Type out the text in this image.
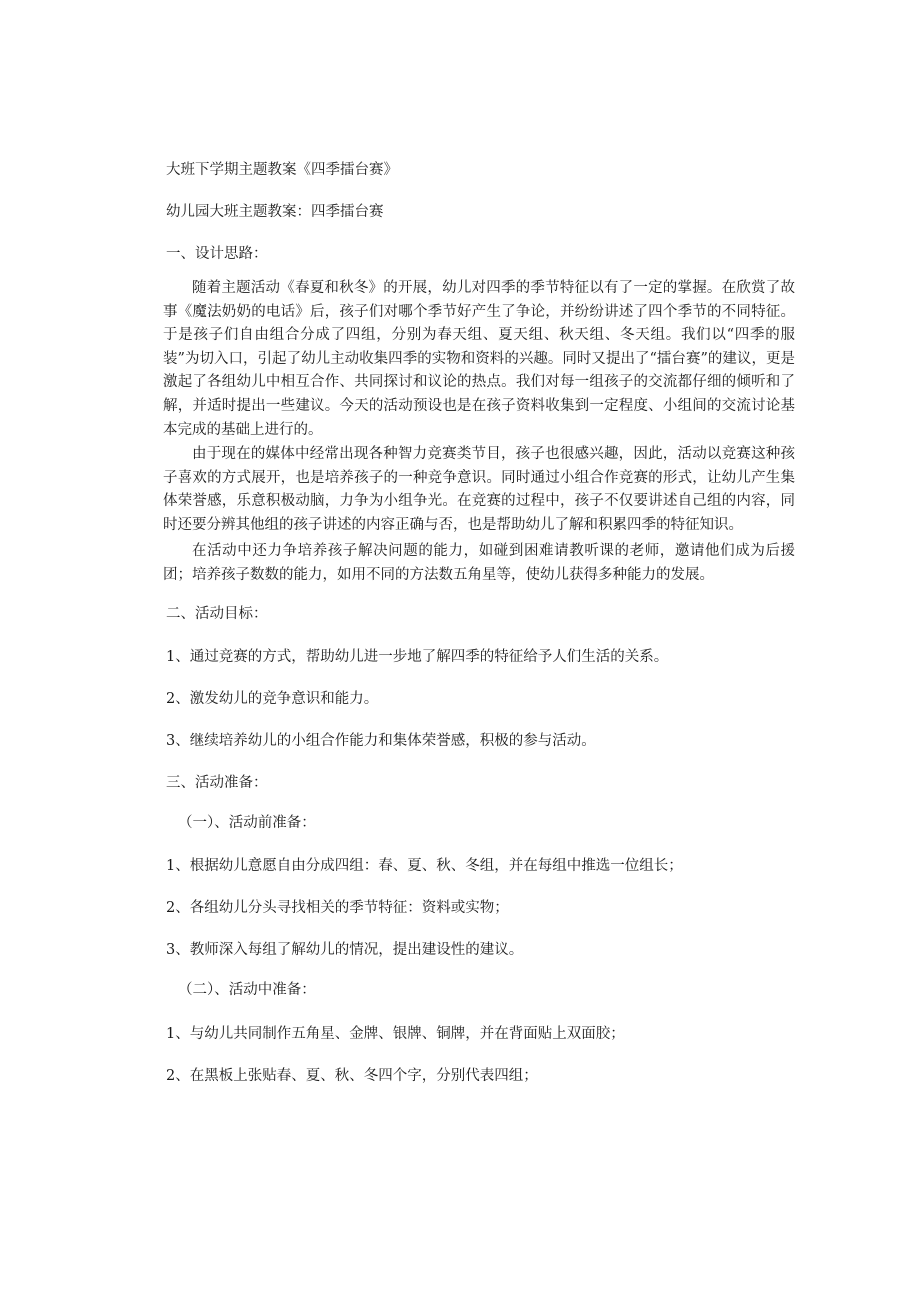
大班下学期主题教案《四季擂台赛》
幼儿园大班主题教案：四季擂台赛
一、设计思路：
随着主题活动《春夏和秋冬》的开展，幼儿对四季的季节特征以有了一定的掌握。在欣赏了故事《魔法奶奶的电话》后，孩子们对哪个季节好产生了争论，并纷纷讲述了四个季节的不同特征。于是孩子们自由组合分成了四组，分别为春天组、夏天组、秋天组、冬天组。我们以“四季的服装”为切入口，引起了幼儿主动收集四季的实物和资料的兴趣。同时又提出了“擂台赛”的建议，更是激起了各组幼儿中相互合作、共同探讨和议论的热点。我们对每一组孩子的交流都仔细的倾听和了解，并适时提出一些建议。今天的活动预设也是在孩子资料收集到一定程度、小组间的交流讨论基本完成的基础上进行的。
由于现在的媒体中经常出现各种智力竞赛类节目，孩子也很感兴趣，因此，活动以竞赛这种孩子喜欢的方式展开，也是培养孩子的一种竞争意识。同时通过小组合作竞赛的形式，让幼儿产生集体荣誉感，乐意积极动脑，力争为小组争光。在竞赛的过程中，孩子不仅要讲述自己组的内容，同时还要分辨其他组的孩子讲述的内容正确与否，也是帮助幼儿了解和积累四季的特征知识。
在活动中还力争培养孩子解决问题的能力，如碰到困难请教听课的老师，邀请他们成为后援团；培养孩子数数的能力，如用不同的方法数五角星等，使幼儿获得多种能力的发展。
二、活动目标：
1、通过竞赛的方式，帮助幼儿进一步地了解四季的特征给予人们生活的关系。
2、激发幼儿的竞争意识和能力。
3、继续培养幼儿的小组合作能力和集体荣誉感，积极的参与活动。
三、活动准备：
（一）、活动前准备：
1、根据幼儿意愿自由分成四组：春、夏、秋、冬组，并在每组中推选一位组长；
2、各组幼儿分头寻找相关的季节特征：资料或实物；
3、教师深入每组了解幼儿的情况，提出建设性的建议。
（二）、活动中准备：
1、与幼儿共同制作五角星、金牌、银牌、铜牌，并在背面贴上双面胶；
2、在黑板上张贴春、夏、秋、冬四个字，分别代表四组；
